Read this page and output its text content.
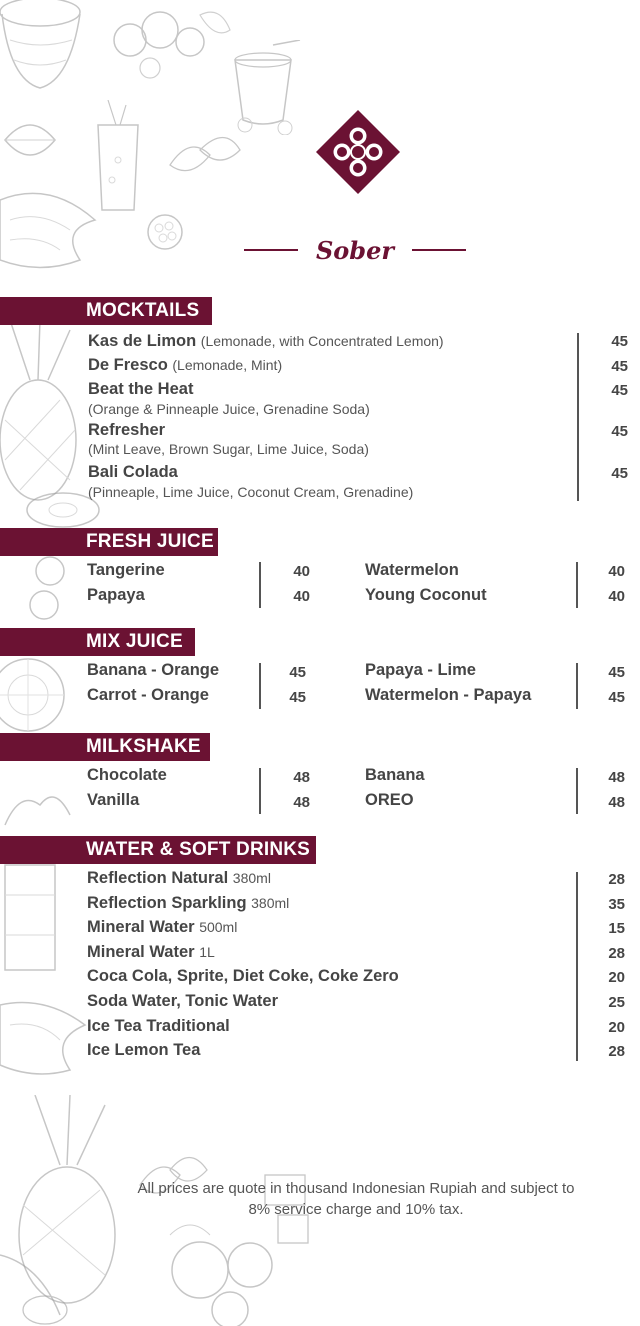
Sober
MOCKTAILS
Kas de Limon (Lemonade, with Concentrated Lemon)
De Fresco (Lemonade, Mint)
Beat the Heat
(Orange & Pinneaple Juice, Grenadine Soda)
Refresher
(Mint Leave, Brown Sugar, Lime Juice, Soda)
Bali Colada
(Pinneaple, Lime Juice, Coconut Cream, Grenadine)
45
45
45
45
45
FRESH JUICE
Tangerine
Papaya
40
40
Watermelon
Young Coconut
40
40
MIX JUICE
Banana - Orange
Carrot - Orange
45
45
Papaya - Lime
Watermelon - Papaya
45
45
MILKSHAKE
Chocolate
Vanilla
48
48
Banana
OREO
48
48
WATER & SOFT DRINKS
Reflection Natural 380ml
Reflection Sparkling 380ml
Mineral Water 500ml
Mineral Water 1L
Coca Cola, Sprite, Diet Coke, Coke Zero
Soda Water, Tonic Water
Ice Tea Traditional
Ice Lemon Tea
28
35
15
28
20
25
20
28
All prices are quote in thousand Indonesian Rupiah and subject to
8% service charge and 10% tax.
